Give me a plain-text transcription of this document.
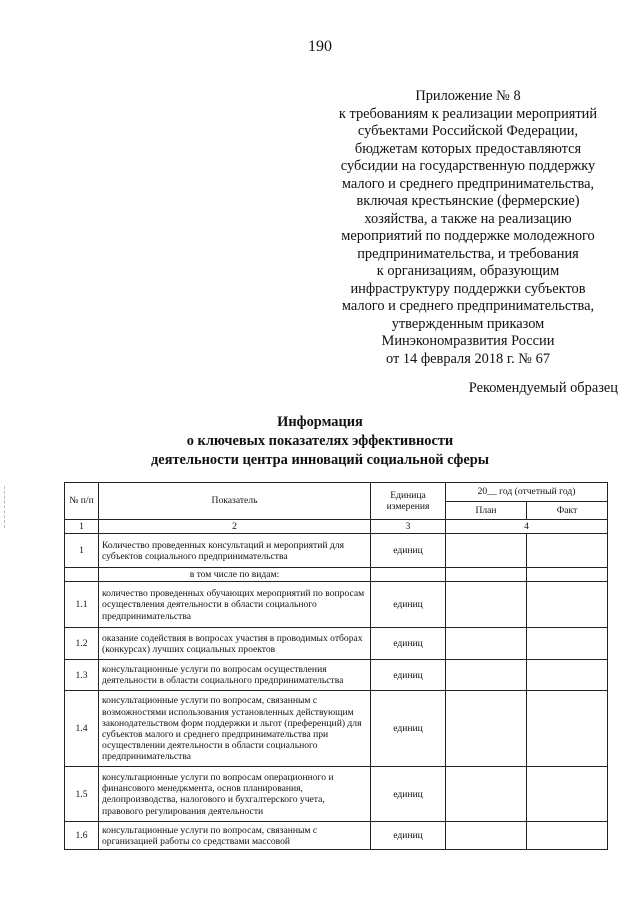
190
Приложение № 8
к требованиям к реализации мероприятий
субъектами Российской Федерации,
бюджетам которых предоставляются
субсидии на государственную поддержку
малого и среднего предпринимательства,
включая крестьянские (фермерские)
хозяйства, а также на реализацию
мероприятий по поддержке молодежного
предпринимательства, и требования
к организациям, образующим
инфраструктуру поддержки субъектов
малого и среднего предпринимательства,
утвержденным приказом
Минэкономразвития России
от 14 февраля 2018 г. № 67
Рекомендуемый образец
Информация
о ключевых показателях эффективности
деятельности центра инноваций социальной сферы
№ п/п	Показатель	Единица измерения	20__ год (отчетный год)	
			План	Факт
1	2	3	4	
1	Количество проведенных консультаций и мероприятий для субъектов социального предпринимательства	единиц		
	в том числе по видам:			
1.1	количество проведенных обучающих мероприятий по вопросам осуществления деятельности в области социального предпринимательства	единиц		
1.2	оказание содействия в вопросах участия в проводимых отборах (конкурсах) лучших социальных проектов	единиц		
1.3	консультационные услуги по вопросам осуществления деятельности в области социального предпринимательства	единиц		
1.4	консультационные услуги по вопросам, связанным с возможностями использования установленных действующим законодательством форм поддержки и льгот (преференций) для субъектов малого и среднего предпринимательства при осуществлении деятельности в области социального предпринимательства	единиц		
1.5	консультационные услуги по вопросам операционного и финансового менеджмента, основ планирования, делопроизводства, налогового и бухгалтерского учета, правового регулирования деятельности	единиц		
1.6	консультационные услуги по вопросам, связанным с организацией работы со средствами массовой	единиц		
